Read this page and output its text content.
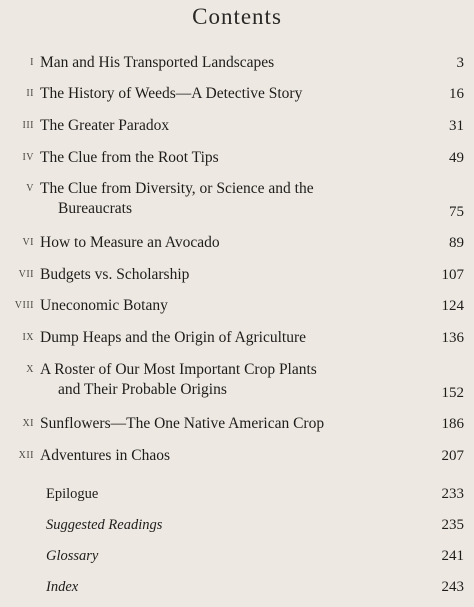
Contents
I Man and His Transported Landscapes	3
II The History of Weeds—A Detective Story	16
III The Greater Paradox	31
IV The Clue from the Root Tips	49
V The Clue from Diversity, or Science and the
Bureaucrats	75
VI How to Measure an Avocado	89
VII Budgets vs. Scholarship	107
VIII Uneconomic Botany	124
IX Dump Heaps and the Origin of Agriculture	136
X A Roster of Our Most Important Crop Plants
and Their Probable Origins	152
XI Sunflowers—The One Native American Crop	186
XII Adventures in Chaos	207
Epilogue	233
Suggested Readings	235
Glossary	241
Index	243
